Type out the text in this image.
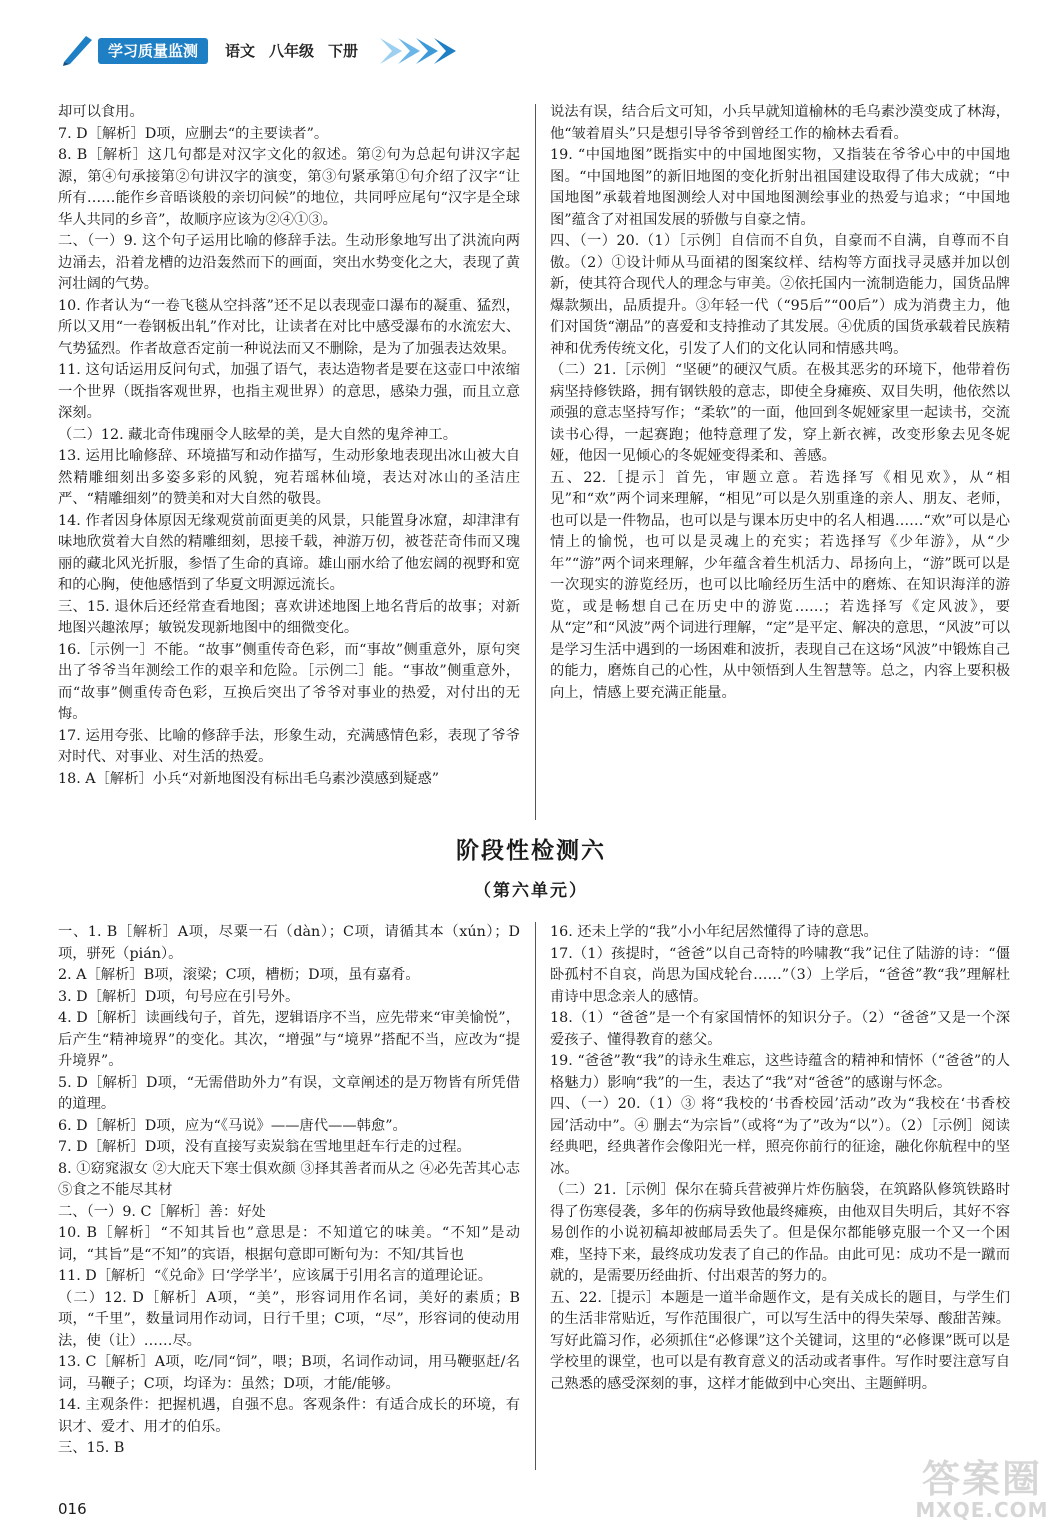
学习质量监测	语文 八年级 下册

却可以食用。

7. D［解析］D项，应删去“的主要读者”。

8. B［解析］这几句都是对汉字文化的叙述。第②句为总起句讲汉字起源，第④句承接第②句讲汉字的演变，第③句紧承第①句介绍了汉字“让所有……能作乡音晤谈般的亲切问候”的地位，共同呼应尾句“汉字是全球华人共同的乡音”，故顺序应该为②④①③。

二、（一）9. 这个句子运用比喻的修辞手法。生动形象地写出了洪流向两边涌去，沿着龙槽的边沿轰然而下的画面，突出水势变化之大，表现了黄河壮阔的气势。

10. 作者认为“一卷飞毯从空抖落”还不足以表现壶口瀑布的凝重、猛烈，所以又用“一卷钢板出轧”作对比，让读者在对比中感受瀑布的水流宏大、气势猛烈。作者故意否定前一种说法而又不删除，是为了加强表达效果。

11. 这句话运用反问句式，加强了语气，表达造物者是要在这壶口中浓缩一个世界（既指客观世界，也指主观世界）的意思，感染力强，而且立意深刻。

（二）12. 藏北奇伟瑰丽令人眩晕的美，是大自然的鬼斧神工。

13. 运用比喻修辞、环境描写和动作描写，生动形象地表现出冰山被大自然精雕细刻出多姿多彩的风貌，宛若瑶林仙境，表达对冰山的圣洁庄严、“精雕细刻”的赞美和对大自然的敬畏。

14. 作者因身体原因无缘观赏前面更美的风景，只能置身冰窟，却津津有味地欣赏着大自然的精雕细刻，思接千载，神游万仞，被苍茫奇伟而又瑰丽的藏北风光折服，参悟了生命的真谛。雄山丽水给了他宏阔的视野和宽和的心胸，使他感悟到了华夏文明源远流长。

三、15. 退休后还经常查看地图；喜欢讲述地图上地名背后的故事；对新地图兴趣浓厚；敏锐发现新地图中的细微变化。

16.［示例一］不能。“故事”侧重传奇色彩，而“事故”侧重意外，原句突出了爷爷当年测绘工作的艰辛和危险。［示例二］能。“事故”侧重意外，而“故事”侧重传奇色彩，互换后突出了爷爷对事业的热爱，对付出的无悔。

17. 运用夸张、比喻的修辞手法，形象生动，充满感情色彩，表现了爷爷对时代、对事业、对生活的热爱。

18. A［解析］小兵“对新地图没有标出毛乌素沙漠感到疑惑”

说法有误，结合后文可知，小兵早就知道榆林的毛乌素沙漠变成了林海，他“皱着眉头”只是想引导爷爷到曾经工作的榆林去看看。

19. “中国地图”既指实中的中国地图实物，又指装在爷爷心中的中国地图。“中国地图”的新旧地图的变化折射出祖国建设取得了伟大成就；“中国地图”承载着地图测绘人对中国地图测绘事业的热爱与追求；“中国地图”蕴含了对祖国发展的骄傲与自豪之情。

四、（一）20.（1）［示例］自信而不自负，自豪而不自满，自尊而不自傲。（2）①设计师从马面裙的图案纹样、结构等方面找寻灵感并加以创新，使其符合现代人的理念与审美。②依托国内一流制造能力，国货品牌爆款频出，品质提升。③年轻一代（“95后”“00后”）成为消费主力，他们对国货“潮品”的喜爱和支持推动了其发展。④优质的国货承载着民族精神和优秀传统文化，引发了人们的文化认同和情感共鸣。

（二）21.［示例］“坚硬”的硬汉气质。在极其恶劣的环境下，他带着伤病坚持修铁路，拥有钢铁般的意志，即使全身瘫痪、双目失明，他依然以顽强的意志坚持写作；“柔软”的一面，他回到冬妮娅家里一起读书，交流读书心得，一起赛跑；他特意理了发，穿上新衣裤，改变形象去见冬妮娅，他因一见倾心的冬妮娅变得柔和、善感。

五、22.［提示］首先，审题立意。若选择写《相见欢》，从“相见”和“欢”两个词来理解，“相见”可以是久别重逢的亲人、朋友、老师，也可以是一件物品，也可以是与课本历史中的名人相遇……“欢”可以是心情上的愉悦，也可以是灵魂上的充实；若选择写《少年游》，从“少年”“游”两个词来理解，少年蕴含着生机活力、昂扬向上，“游”既可以是一次现实的游览经历，也可以比喻经历生活中的磨炼、在知识海洋的游览，或是畅想自己在历史中的游览……；若选择写《定风波》，要从“定”和“风波”两个词进行理解，“定”是平定、解决的意思，“风波”可以是学习生活中遇到的一场困难和波折，表现自己在这场“风波”中锻炼自己的能力，磨炼自己的心性，从中领悟到人生智慧等。总之，内容上要积极向上，情感上要充满正能量。

阶段性检测六
（第六单元）

一、1. B［解析］A项，尽粟一石（dàn）；C项，请循其本（xún）；D项，骈死（pián）。

2. A［解析］B项，滚梁；C项，槽枥；D项，虽有嘉肴。

3. D［解析］D项，句号应在引号外。

4. D［解析］读画线句子，首先，逻辑语序不当，应先带来“审美愉悦”，后产生“精神境界”的变化。其次，“增强”与“境界”搭配不当，应改为“提升境界”。

5. D［解析］D项，“无需借助外力”有误，文章阐述的是万物皆有所凭借的道理。

6. D［解析］D项，应为“《马说》——唐代——韩愈”。

7. D［解析］D项，没有直接写卖炭翁在雪地里赶车行走的过程。

8. ①窈窕淑女 ②大庇天下寒士俱欢颜 ③择其善者而从之 ④必先苦其心志 ⑤食之不能尽其材

二、（一）9. C［解析］善：好处

10. B［解析］“不知其旨也”意思是：不知道它的味美。“不知”是动词，“其旨”是“不知”的宾语，根据句意即可断句为：不知/其旨也

11. D［解析］“《兑命》曰‘学学半’，应该属于引用名言的道理论证。

（二）12. D［解析］A项，“美”，形容词用作名词，美好的素质；B项，“千里”，数量词用作动词，日行千里；C项，“尽”，形容词的使动用法，使（让）……尽。

13. C［解析］A项，吃/同“饲”，喂；B项，名词作动词，用马鞭驱赶/名词，马鞭子；C项，均译为：虽然；D项，才能/能够。

14. 主观条件：把握机遇，自强不息。客观条件：有适合成长的环境，有识才、爱才、用才的伯乐。

三、15. B

16. 还未上学的“我”小小年纪居然懂得了诗的意思。

17.（1）孩提时，“爸爸”以自己奇特的吟啸教“我”记住了陆游的诗：“僵卧孤村不自哀，尚思为国戍轮台……”（3）上学后，“爸爸”教“我”理解杜甫诗中思念亲人的感情。

18.（1）“爸爸”是一个有家国情怀的知识分子。（2）“爸爸”又是一个深爱孩子、懂得教育的慈父。

19. “爸爸”教“我”的诗永生难忘，这些诗蕴含的精神和情怀（“爸爸”的人格魅力）影响“我”的一生，表达了“我”对“爸爸”的感谢与怀念。

四、（一）20.（1）③ 将“我校的‘书香校园’活动”改为“我校在‘书香校园’活动中”。④ 删去“为宗旨”（或将“为了”改为“以”）。（2）［示例］阅读经典吧，经典著作会像阳光一样，照亮你前行的征途，融化你航程中的坚冰。

（二）21.［示例］保尔在骑兵营被弹片炸伤脑袋，在筑路队修筑铁路时得了伤寒侵袭，多年的伤病导致他最终瘫痪，由他双目失明后，其好不容易创作的小说初稿却被邮局丢失了。但是保尔都能够克服一个又一个困难，坚持下来，最终成功发表了自己的作品。由此可见：成功不是一蹴而就的，是需要历经曲折、付出艰苦的努力的。

五、22.［提示］本题是一道半命题作文，是有关成长的题目，与学生们的生活非常贴近，写作范围很广，可以写生活中的得失荣辱、酸甜苦辣。写好此篇习作，必须抓住“必修课”这个关键词，这里的“必修课”既可以是学校里的课堂，也可以是有教育意义的活动或者事件。写作时要注意写自己熟悉的感受深刻的事，这样才能做到中心突出、主题鲜明。

016
答案圈
MXQE.COM
